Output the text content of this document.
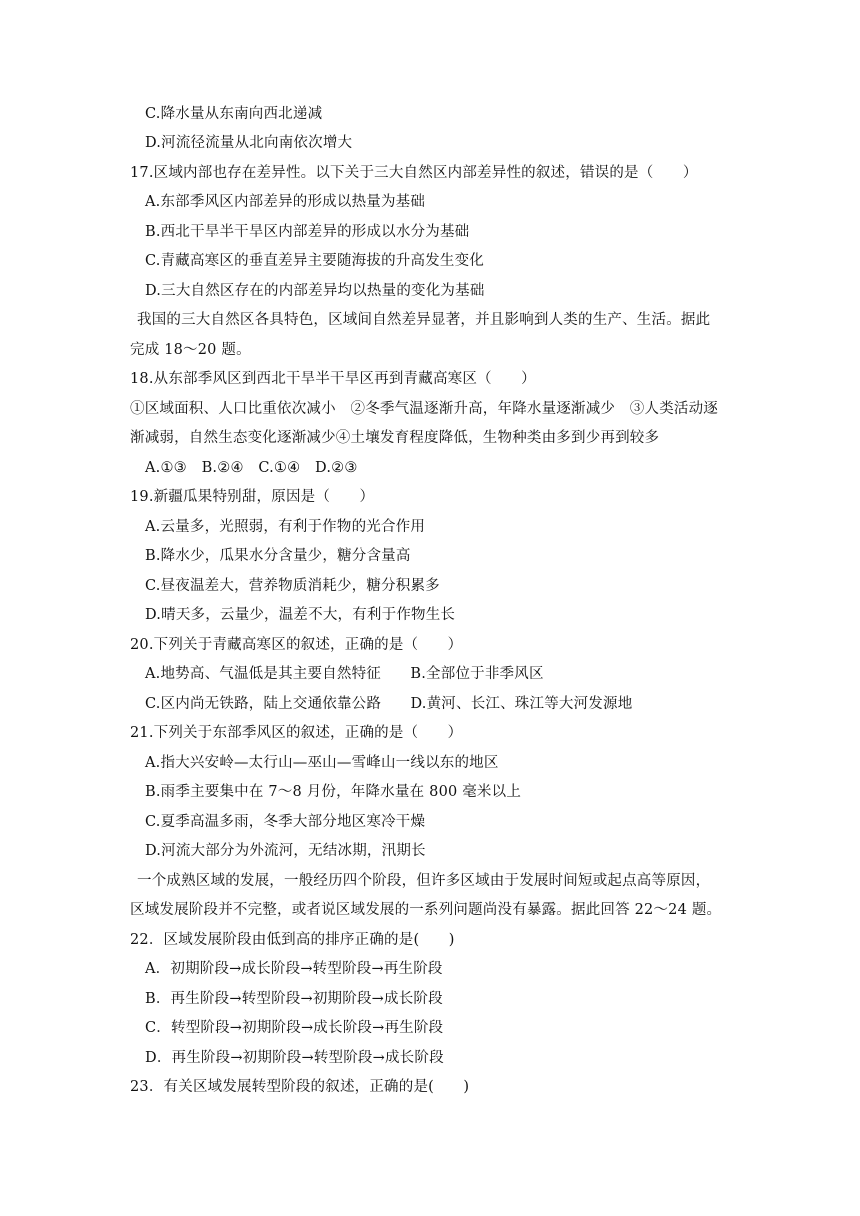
C.降水量从东南向西北递减
D.河流径流量从北向南依次增大
17.区域内部也存在差异性。以下关于三大自然区内部差异性的叙述，错误的是（　　）
A.东部季风区内部差异的形成以热量为基础
B.西北干旱半干旱区内部差异的形成以水分为基础
C.青藏高寒区的垂直差异主要随海拔的升高发生变化
D.三大自然区存在的内部差异均以热量的变化为基础
我国的三大自然区各具特色，区域间自然差异显著，并且影响到人类的生产、生活。据此
完成 18～20 题。
18.从东部季风区到西北干旱半干旱区再到青藏高寒区（　　）
①区域面积、人口比重依次减小　②冬季气温逐渐升高，年降水量逐渐减少　③人类活动逐
渐减弱，自然生态变化逐渐减少④土壤发育程度降低，生物种类由多到少再到较多
A.①③　B.②④　C.①④　D.②③
19.新疆瓜果特别甜，原因是（　　）
A.云量多，光照弱，有利于作物的光合作用
B.降水少，瓜果水分含量少，糖分含量高
C.昼夜温差大，营养物质消耗少，糖分积累多
D.晴天多，云量少，温差不大，有利于作物生长
20.下列关于青藏高寒区的叙述，正确的是（　　）
A.地势高、气温低是其主要自然特征　　B.全部位于非季风区
C.区内尚无铁路，陆上交通依靠公路　　D.黄河、长江、珠江等大河发源地
21.下列关于东部季风区的叙述，正确的是（　　）
A.指大兴安岭—太行山—巫山—雪峰山一线以东的地区
B.雨季主要集中在 7～8 月份，年降水量在 800 毫米以上
C.夏季高温多雨，冬季大部分地区寒冷干燥
D.河流大部分为外流河，无结冰期，汛期长
一个成熟区域的发展，一般经历四个阶段，但许多区域由于发展时间短或起点高等原因，
区域发展阶段并不完整，或者说区域发展的一系列问题尚没有暴露。据此回答 22～24 题。
22．区域发展阶段由低到高的排序正确的是(　　)
A．初期阶段→成长阶段→转型阶段→再生阶段
B．再生阶段→转型阶段→初期阶段→成长阶段
C．转型阶段→初期阶段→成长阶段→再生阶段
D．再生阶段→初期阶段→转型阶段→成长阶段
23．有关区域发展转型阶段的叙述，正确的是(　　)
